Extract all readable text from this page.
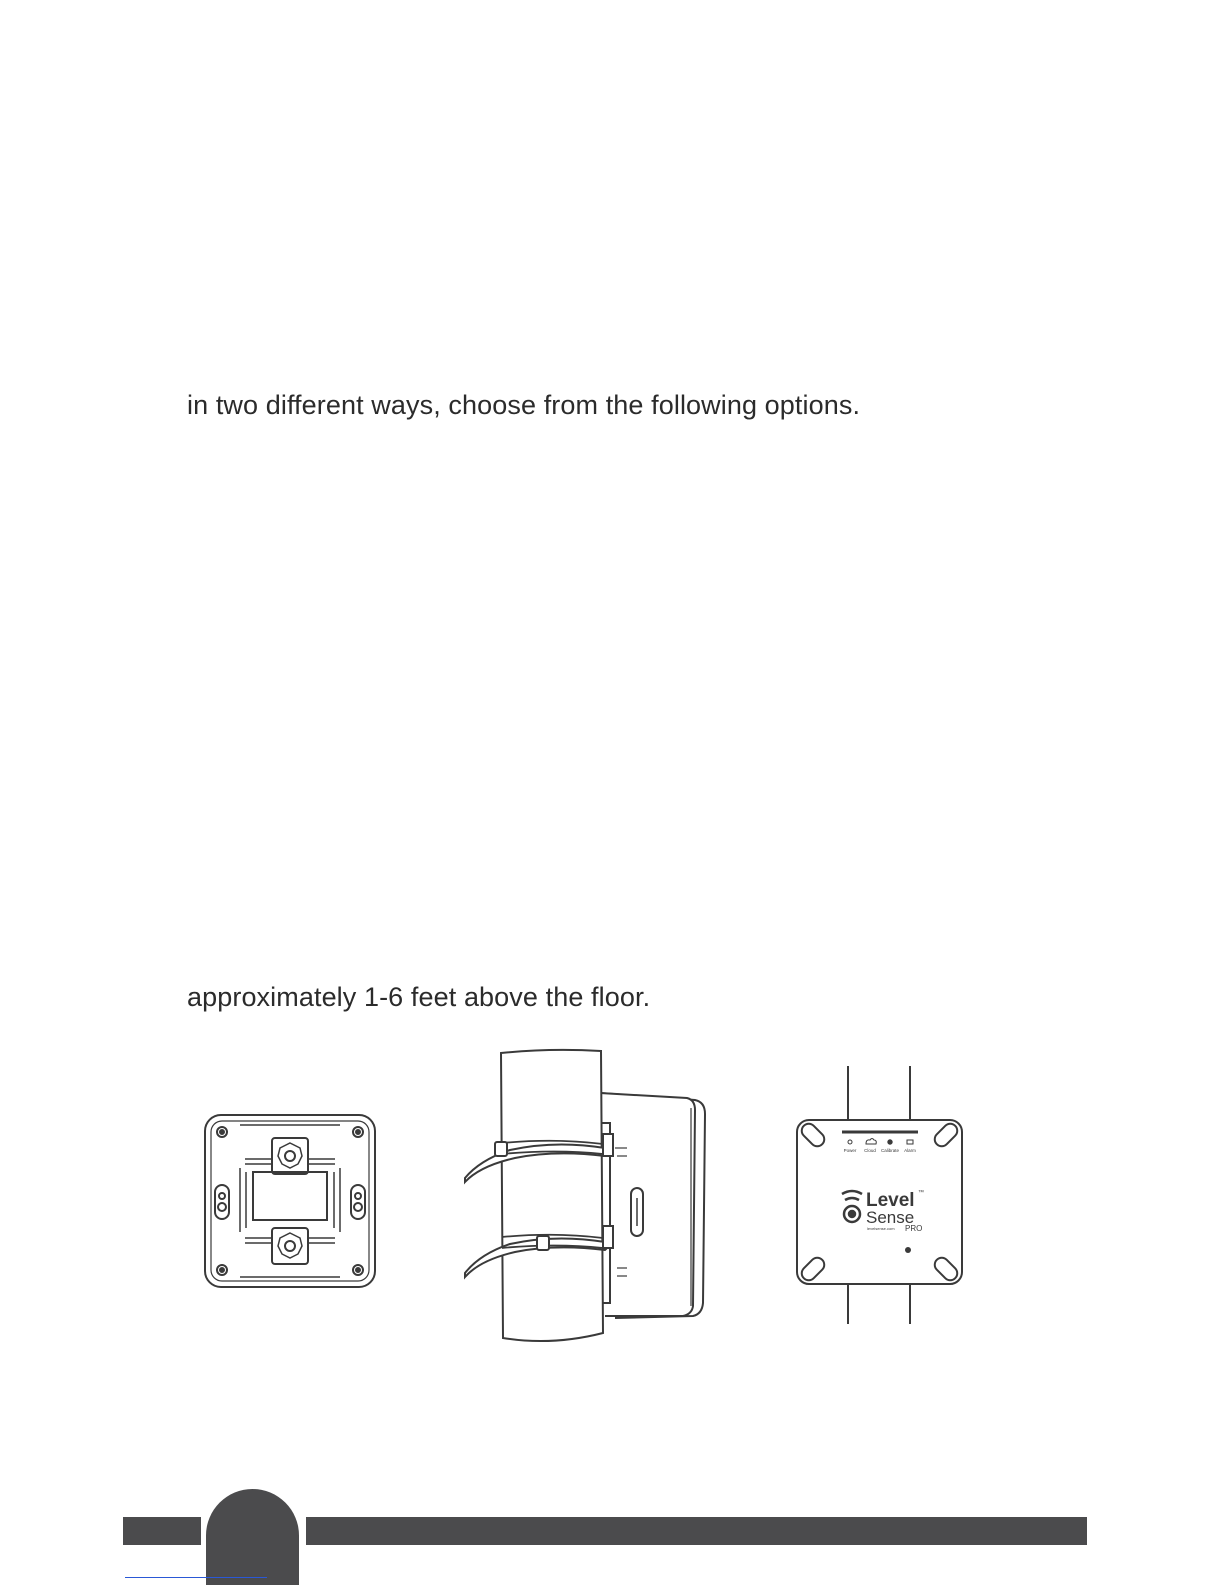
in two different ways, choose from the following options.
approximately 1-6 feet above the floor.
Power Cloud Calibrate Alarm
Level ™
Sense
levelsense.com PRO
